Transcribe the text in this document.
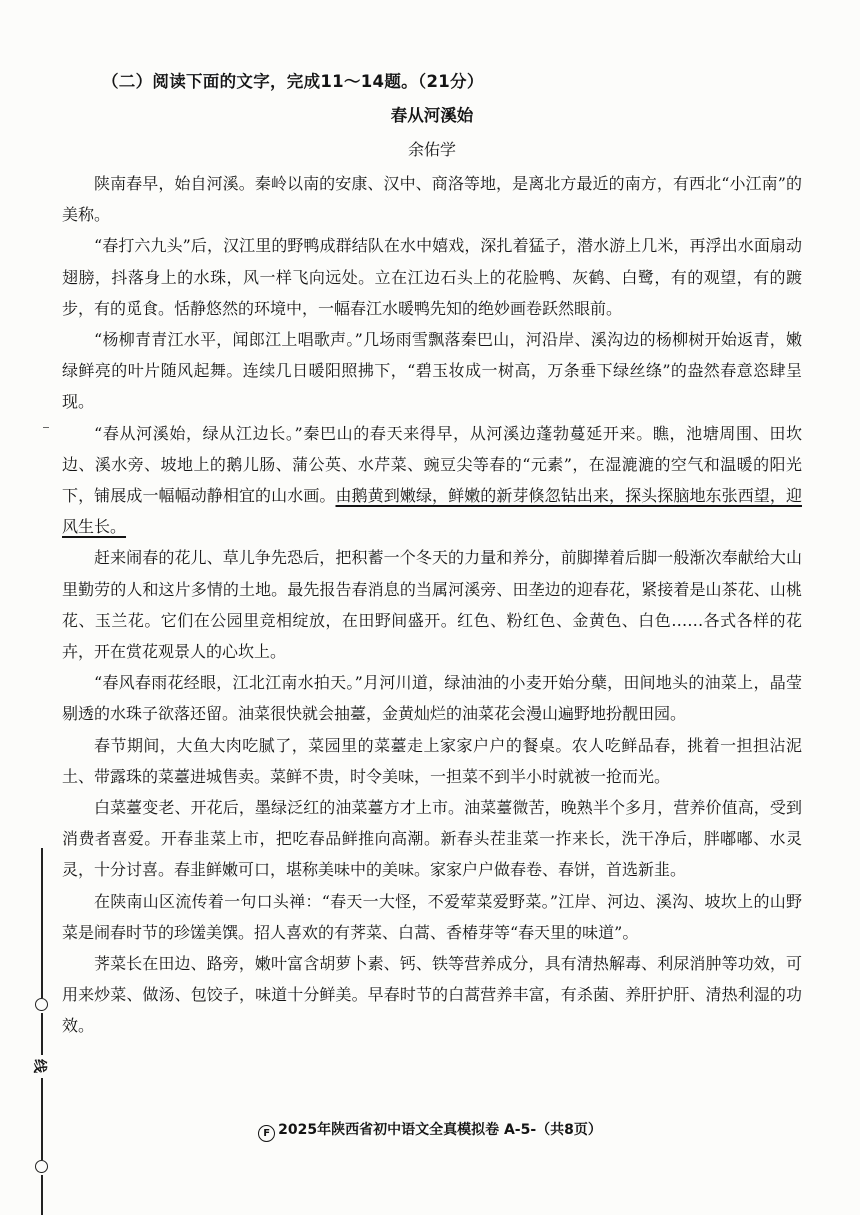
（二）阅读下面的文字，完成11～14题。（21分）
春从河溪始
余佑学

陕南春早，始自河溪。秦岭以南的安康、汉中、商洛等地，是离北方最近的南方，有西北“小江南”的美称。

“春打六九头”后，汉江里的野鸭成群结队在水中嬉戏，深扎着猛子，潜水游上几米，再浮出水面扇动翅膀，抖落身上的水珠，风一样飞向远处。立在江边石头上的花脸鸭、灰鹤、白鹭，有的观望，有的踱步，有的觅食。恬静悠然的环境中，一幅春江水暖鸭先知的绝妙画卷跃然眼前。

“杨柳青青江水平，闻郎江上唱歌声。”几场雨雪飘落秦巴山，河沿岸、溪沟边的杨柳树开始返青，嫩绿鲜亮的叶片随风起舞。连续几日暖阳照拂下，“碧玉妆成一树高，万条垂下绿丝绦”的盎然春意恣肆呈现。

“春从河溪始，绿从江边长。”秦巴山的春天来得早，从河溪边蓬勃蔓延开来。瞧，池塘周围、田坎边、溪水旁、坡地上的鹅儿肠、蒲公英、水芹菜、豌豆尖等春的“元素”，在湿漉漉的空气和温暖的阳光下，铺展成一幅幅动静相宜的山水画。由鹅黄到嫩绿，鲜嫩的新芽倏忽钻出来，探头探脑地东张西望，迎风生长。

赶来闹春的花儿、草儿争先恐后，把积蓄一个冬天的力量和养分，前脚撵着后脚一般渐次奉献给大山里勤劳的人和这片多情的土地。最先报告春消息的当属河溪旁、田垄边的迎春花，紧接着是山茶花、山桃花、玉兰花。它们在公园里竞相绽放，在田野间盛开。红色、粉红色、金黄色、白色……各式各样的花卉，开在赏花观景人的心坎上。

“春风春雨花经眼，江北江南水拍天。”月河川道，绿油油的小麦开始分蘖，田间地头的油菜上，晶莹剔透的水珠子欲落还留。油菜很快就会抽薹，金黄灿烂的油菜花会漫山遍野地扮靓田园。

春节期间，大鱼大肉吃腻了，菜园里的菜薹走上家家户户的餐桌。农人吃鲜品春，挑着一担担沾泥土、带露珠的菜薹进城售卖。菜鲜不贵，时令美味，一担菜不到半小时就被一抢而光。

白菜薹变老、开花后，墨绿泛红的油菜薹方才上市。油菜薹微苦，晚熟半个多月，营养价值高，受到消费者喜爱。开春韭菜上市，把吃春品鲜推向高潮。新春头茬韭菜一拃来长，洗干净后，胖嘟嘟、水灵灵，十分讨喜。春韭鲜嫩可口，堪称美味中的美味。家家户户做春卷、春饼，首选新韭。

在陕南山区流传着一句口头禅：“春天一大怪，不爱荤菜爱野菜。”江岸、河边、溪沟、坡坎上的山野菜是闹春时节的珍馐美馔。招人喜欢的有荠菜、白蒿、香椿芽等“春天里的味道”。

荠菜长在田边、路旁，嫩叶富含胡萝卜素、钙、铁等营养成分，具有清热解毒、利尿消肿等功效，可用来炒菜、做汤、包饺子，味道十分鲜美。早春时节的白蒿营养丰富，有杀菌、养肝护肝、清热利湿的功效。

F 2025年陕西省初中语文全真模拟卷 A-5-（共8页）
线
